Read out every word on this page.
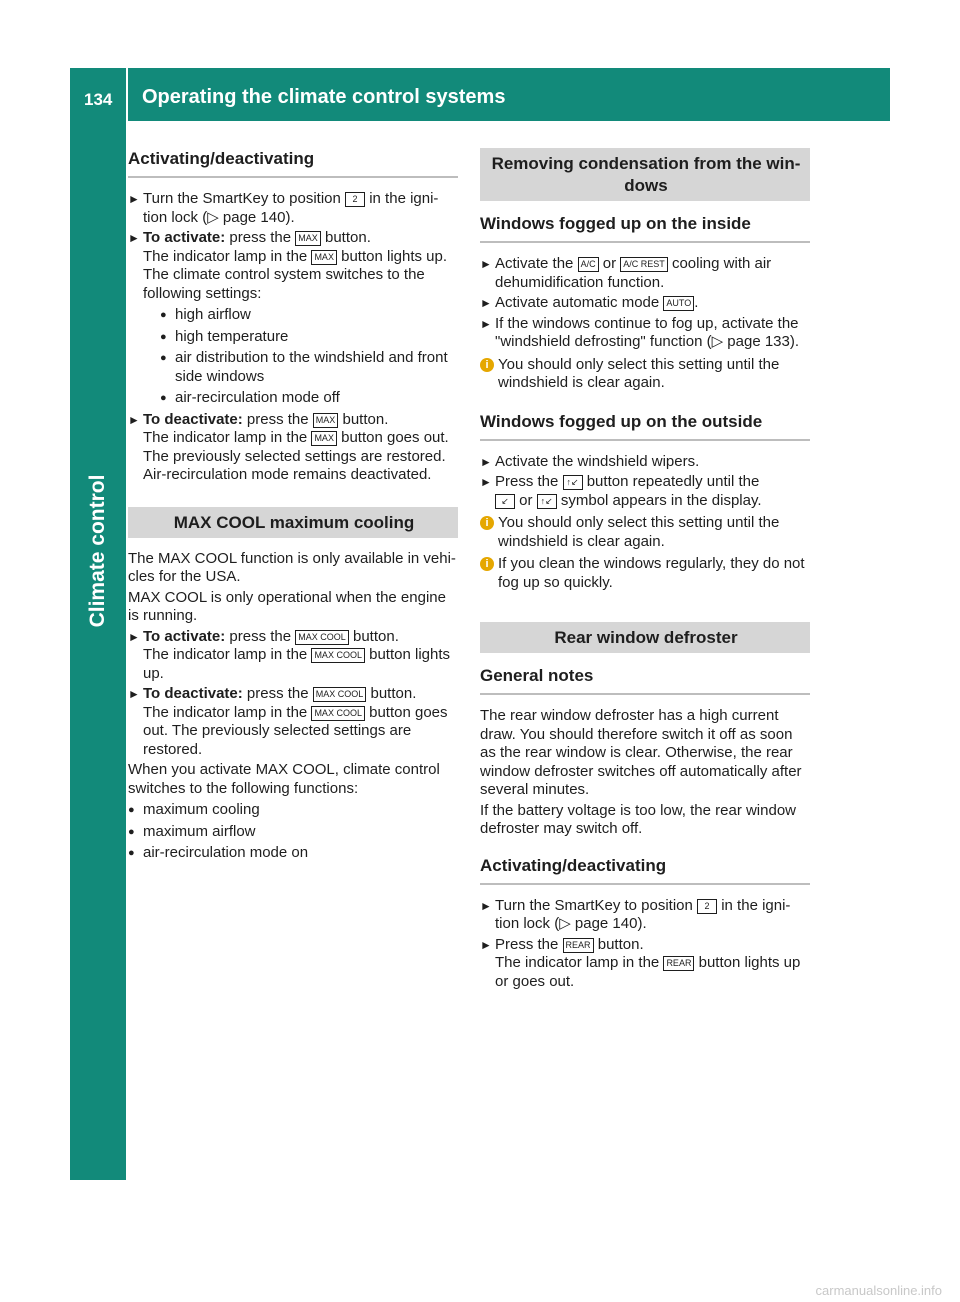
134 Operating the climate control systems
Climate control
Activating/deactivating
► Turn the SmartKey to position 2 in the igni- tion lock (▷ page 140).

► To activate: press the MAX button.

The indicator lamp in the MAX button lights up.

The climate control system switches to the following settings:

● high airflow
● high temperature
● air distribution to the windshield and front side windows
● air-recirculation mode off
► To deactivate: press the MAX button.

The indicator lamp in the MAX button goes out. The previously selected settings are restored. Air-recirculation mode remains deactivated.

MAX COOL maximum cooling

The MAX COOL function is only available in vehi- cles for the USA.

MAX COOL is only operational when the engine is running.

► To activate: press the MAX COOL button.

The indicator lamp in the MAX COOL button lights up.

► To deactivate: press the MAX COOL button.

The indicator lamp in the MAX COOL button goes out. The previously selected settings are restored.

When you activate MAX COOL, climate control switches to the following functions:

● maximum cooling
● maximum airflow
● air-recirculation mode on
Removing condensation from the win- dows
Windows fogged up on the inside
► Activate the A/C or A/C REST cooling with air dehumidification function.

► Activate automatic mode AUTO .

► If the windows continue to fog up, activate the "windshield defrosting" function (▷ page 133).

i You should only select this setting until the windshield is clear again.

Windows fogged up on the outside
► Activate the windshield wipers.

► Press the ↑↙ button repeatedly until the

↙ or ↑↙ symbol appears in the display.

i You should only select this setting until the windshield is clear again.

i If you clean the windows regularly, they do not fog up so quickly.

Rear window defroster
General notes

The rear window defroster has a high current draw. You should therefore switch it off as soon as the rear window is clear. Otherwise, the rear window defroster switches off automatically after several minutes.

If the battery voltage is too low, the rear window defroster may switch off.

Activating/deactivating
► Turn the SmartKey to position 2 in the igni- tion lock (▷ page 140).

► Press the REAR button.

The indicator lamp in the REAR button lights up or goes out.

carmanualsonline.info
